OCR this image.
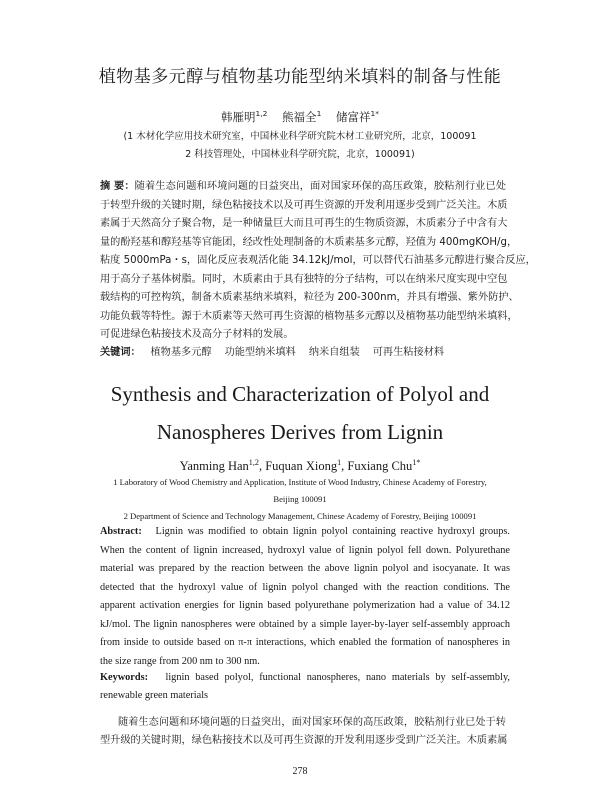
植物基多元醇与植物基功能型纳米填料的制备与性能
韩雁明$^{1,2}$ 熊福全$^1$ 储富祥$^{1*}$
(1 木材化学应用技术研究室，中国林业科学研究院木材工业研究所，北京，100091
2 科技管理处，中国林业科学研究院，北京，100091)
摘 要：随着生态问题和环境问题的日益突出，面对国家环保的高压政策，胶粘剂行业已处
于转型升级的关键时期，绿色粘接技术以及可再生资源的开发利用逐步受到广泛关注。木质
素属于天然高分子聚合物，是一种储量巨大而且可再生的生物质资源，木质素分子中含有大
量的酚羟基和醇羟基等官能团，经改性处理制备的木质素基多元醇，羟值为 400mgKOH/g，
粘度 5000mPa・s，固化反应表观活化能 34.12kJ/mol，可以替代石油基多元醇进行聚合反应，
用于高分子基体树脂。同时，木质素由于具有独特的分子结构，可以在纳米尺度实现中空包
载结构的可控构筑，制备木质素基纳米填料，粒径为 200-300nm，并具有增强、紫外防护、
功能负载等特性。源于木质素等天然可再生资源的植物基多元醇以及植物基功能型纳米填料，
可促进绿色粘接技术及高分子材料的发展。
关键词： 植物基多元醇 功能型纳米填料 纳米自组装 可再生粘接材料
Synthesis and Characterization of Polyol and
Nanospheres Derives from Lignin
Yanming Han$^{1,2}$, Fuquan Xiong$^1$, Fuxiang Chu$^{1*}$
1 Laboratory of Wood Chemistry and Application, Institute of Wood Industry, Chinese Academy of Forestry,
Beijing 100091
2 Department of Science and Technology Management, Chinese Academy of Forestry, Beijing 100091
Abstract: Lignin was modified to obtain lignin polyol containing reactive hydroxyl groups.
When the content of lignin increased, hydroxyl value of lignin polyol fell down. Polyurethane
material was prepared by the reaction between the above lignin polyol and isocyanate. It was
detected that the hydroxyl value of lignin polyol changed with the reaction conditions. The
apparent activation energies for lignin based polyurethane polymerization had a value of 34.12
kJ/mol. The lignin nanospheres were obtained by a simple layer-by-layer self-assembly approach
from inside to outside based on π-π interactions, which enabled the formation of nanospheres in
the size range from 200 nm to 300 nm.
Keywords: lignin based polyol, functional nanospheres, nano materials by self-assembly,
renewable green materials
随着生态问题和环境问题的日益突出，面对国家环保的高压政策，胶粘剂行业已处于转
型升级的关键时期，绿色粘接技术以及可再生资源的开发利用逐步受到广泛关注。木质素属
278
